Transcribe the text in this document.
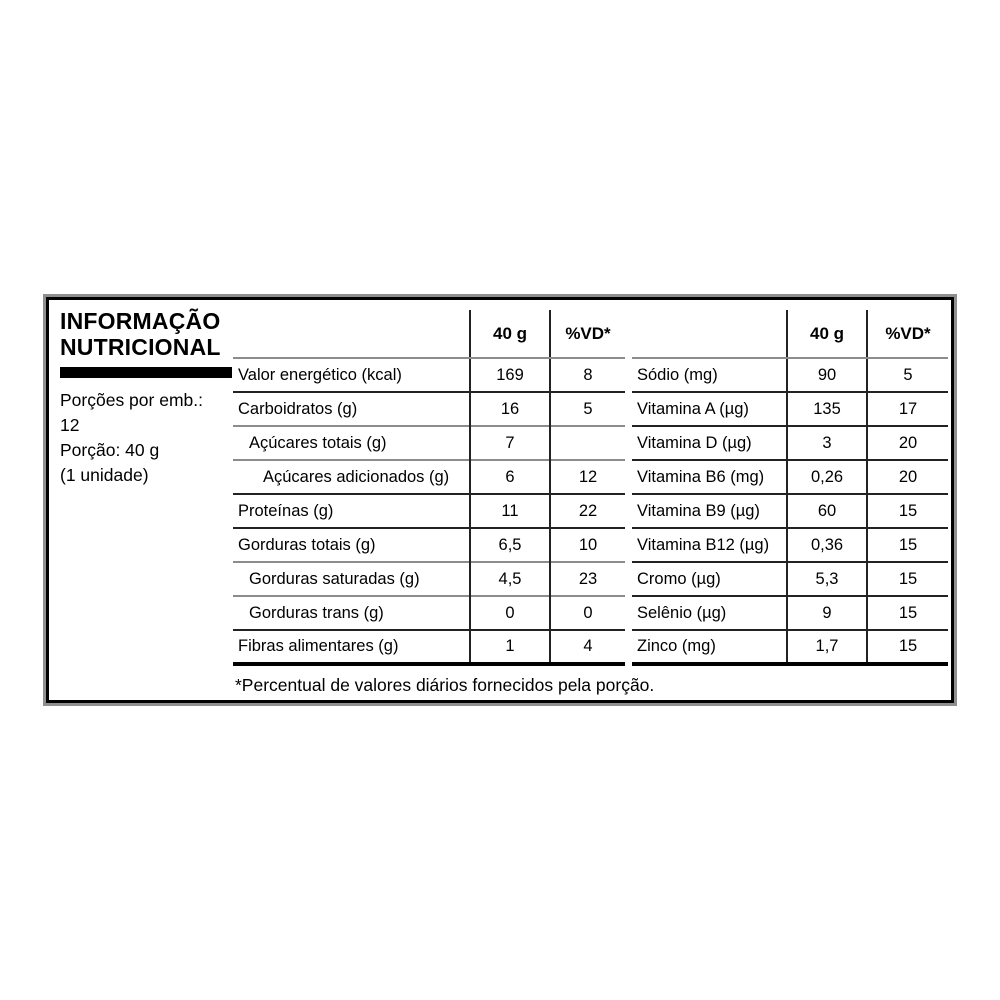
INFORMAÇÃO
NUTRICIONAL
Porções por emb.:
12
Porção: 40 g
(1 unidade)
	40 g	%VD*
Valor energético (kcal)	169	8
Carboidratos (g)	16	5
Açúcares totais (g)	7	
Açúcares adicionados (g)	6	12
Proteínas (g)	11	22
Gorduras totais (g)	6,5	10
Gorduras saturadas (g)	4,5	23
Gorduras trans (g)	0	0
Fibras alimentares (g)	1	4
	40 g	%VD*
Sódio (mg)	90	5
Vitamina A (µg)	135	17
Vitamina D (µg)	3	20
Vitamina B6 (mg)	0,26	20
Vitamina B9 (µg)	60	15
Vitamina B12 (µg)	0,36	15
Cromo (µg)	5,3	15
Selênio (µg)	9	15
Zinco (mg)	1,7	15
*Percentual de valores diários fornecidos pela porção.
